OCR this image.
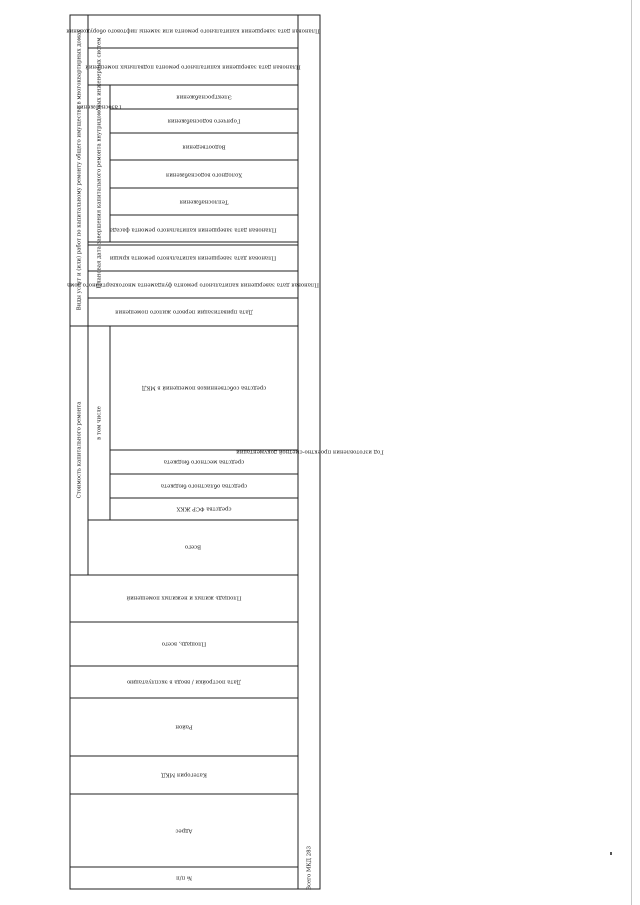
№ п/п
Адрес
Категория МКД
Район
Дата постройки / ввода в эксплуатацию
Площадь, всего
Площадь жилых и нежилых помещений
Всего
средства ФСР ЖКХ
средства областного бюджета
средства местного бюджета
средства собственников помещений в МКД
Дата приватизации первого жилого помещения
Плановая дата завершения капитального ремонта фундамента многоквартирного дома
Плановая дата завершения капитального ремонта крыши
Плановая дата завершения капитального ремонта фасада
Теплоснабжения
Холодного водоснабжения
Водоотведения
Горячего водоснабжения
Электроснабжения
Плановая дата завершения капитального ремонта подвальных помещений
Плановая дата завершения капитального ремонта или замены лифтового оборудования
Год изготовления проектно-сметной документации
Стоимость капитального ремонта	в том числе
Виды услуг и (или) работ по капитальному ремонту общего имущества в многоквартирных домах	Плановая дата завершения капитального ремонта внутридомовых инженерных систем
Газоснабжения
Всего МКД 283
